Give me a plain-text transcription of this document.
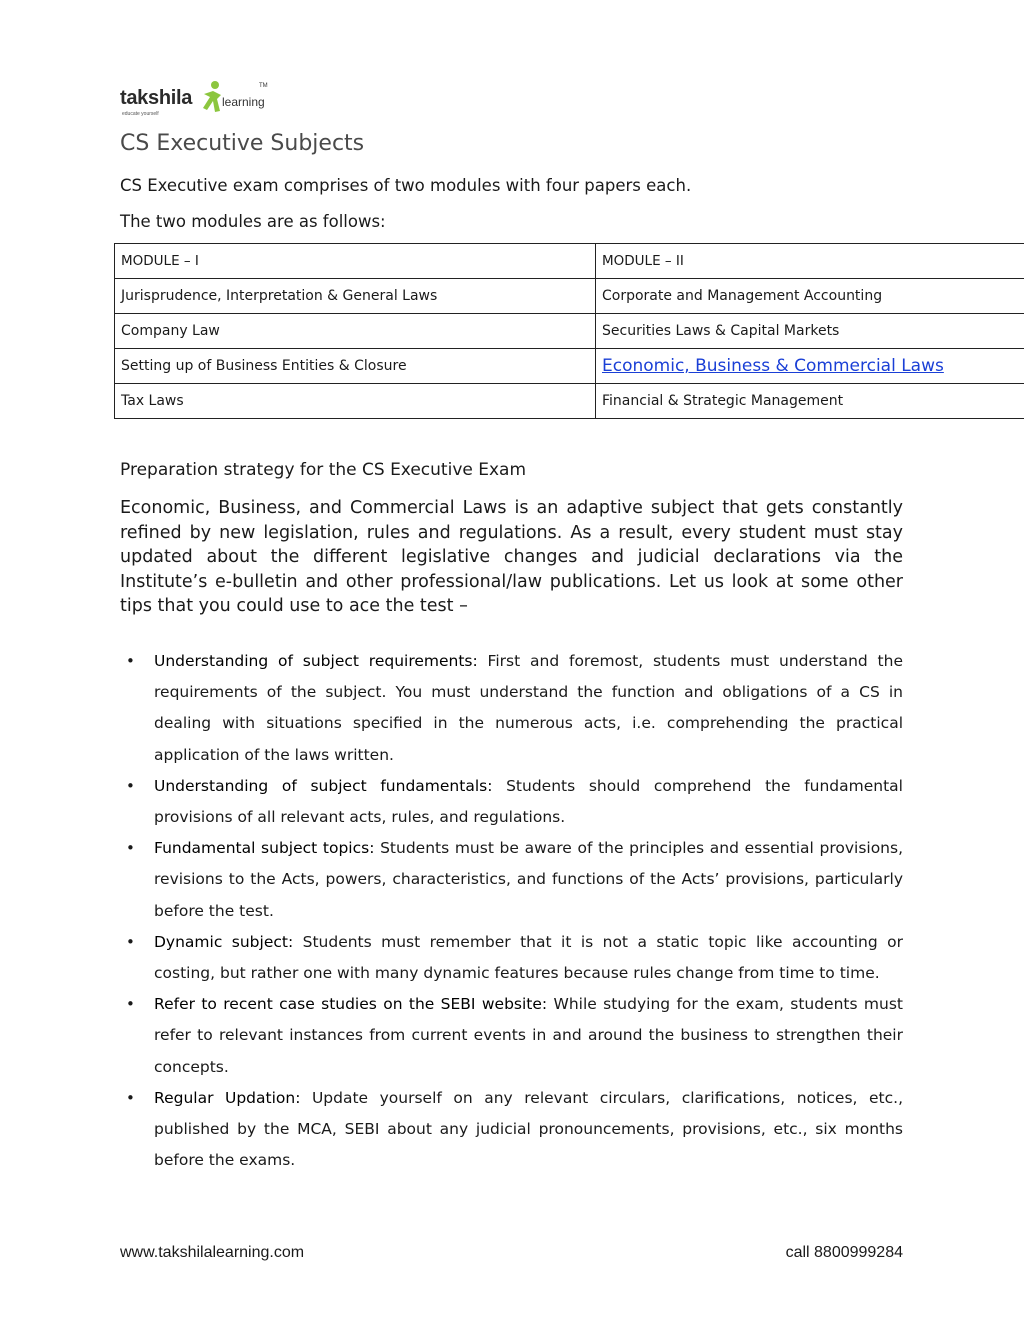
takshila learning
TM
educate yourself
CS Executive Subjects
CS Executive exam comprises of two modules with four papers each.
The two modules are as follows:
MODULE – I	MODULE – II
Jurisprudence, Interpretation & General Laws	Corporate and Management Accounting
Company Law	Securities Laws & Capital Markets
Setting up of Business Entities & Closure	Economic, Business & Commercial Laws
Tax Laws	Financial & Strategic Management
Preparation strategy for the CS Executive Exam
Economic, Business, and Commercial Laws is an adaptive subject that gets constantly refined by new legislation, rules and regulations. As a result, every student must stay updated about the different legislative changes and judicial declarations via the Institute’s e-bulletin and other professional/law publications. Let us look at some other tips that you could use to ace the test –
• Understanding of subject requirements: First and foremost, students must understand the requirements of the subject. You must understand the function and obligations of a CS in dealing with situations specified in the numerous acts, i.e. comprehending the practical application of the laws written.
• Understanding of subject fundamentals: Students should comprehend the fundamental provisions of all relevant acts, rules, and regulations.
• Fundamental subject topics: Students must be aware of the principles and essential provisions, revisions to the Acts, powers, characteristics, and functions of the Acts’ provisions, particularly before the test.
• Dynamic subject: Students must remember that it is not a static topic like accounting or costing, but rather one with many dynamic features because rules change from time to time.
• Refer to recent case studies on the SEBI website: While studying for the exam, students must refer to relevant instances from current events in and around the business to strengthen their concepts.
• Regular Updation: Update yourself on any relevant circulars, clarifications, notices, etc., published by the MCA, SEBI about any judicial pronouncements, provisions, etc., six months before the exams.
www.takshilalearning.com	call 8800999284
